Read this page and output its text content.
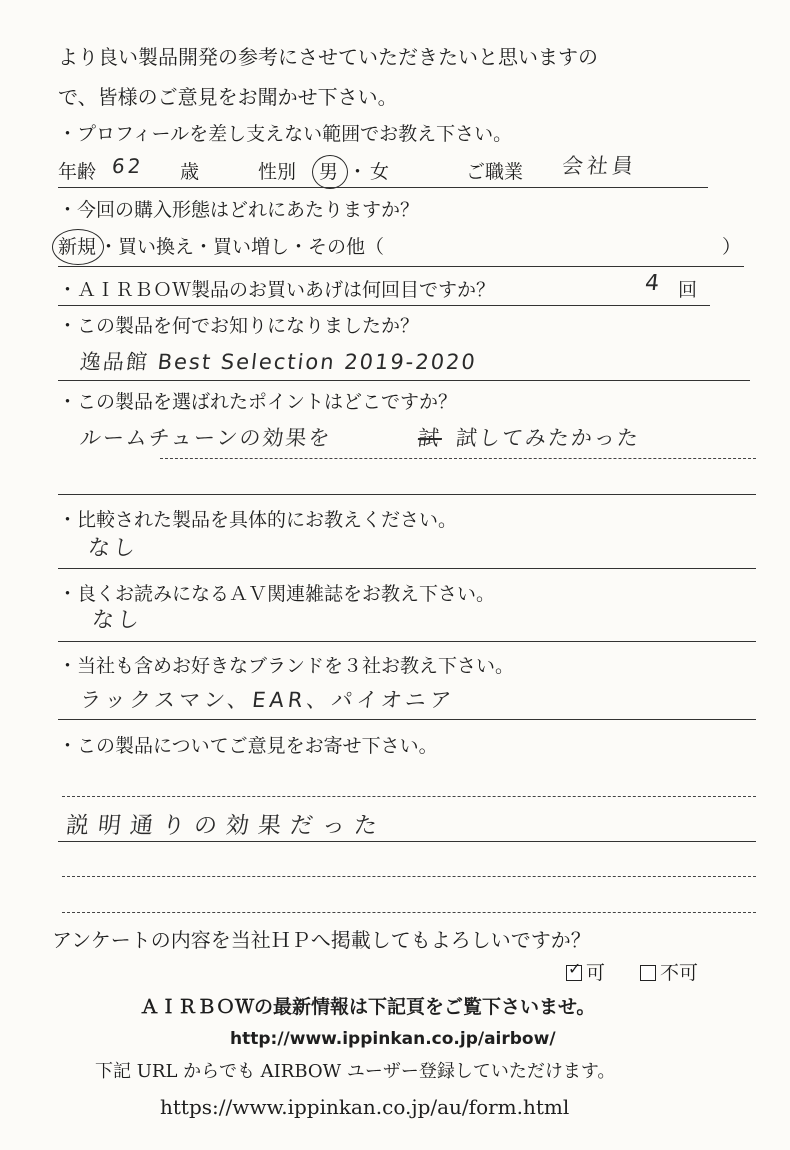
より良い製品開発の参考にさせていただきたいと思いますの
で、皆様のご意見をお聞かせ下さい。
・プロフィールを差し支えない範囲でお教え下さい。
年齢 62 歳	性別 男 ・ 女	ご職業 会社員
・今回の購入形態はどれにあたりますか？
新規 ・買い換え・買い増し・その他（	）
・ＡＩＲＢＯＷ製品のお買いあげは何回目ですか？	4 回
・この製品を何でお知りになりましたか？
逸品館 Best Selection 2019-2020
・この製品を選ばれたポイントはどこですか？
ルームチューンの効果を	試 試してみたかった
・比較された製品を具体的にお教えください。
なし
・良くお読みになるＡＶ関連雑誌をお教え下さい。
なし
・当社も含めお好きなブランドを３社お教え下さい。
ラックスマン、EAR、パイオニア
・この製品についてご意見をお寄せ下さい。
説明通りの効果だった
アンケートの内容を当社ＨＰへ掲載してもよろしいですか？
✓ 可	不可
ＡＩＲＢＯＷの最新情報は下記頁をご覧下さいませ。
http://www.ippinkan.co.jp/airbow/
下記 URL からでも AIRBOW ユーザー登録していただけます。
https://www.ippinkan.co.jp/au/form.html
